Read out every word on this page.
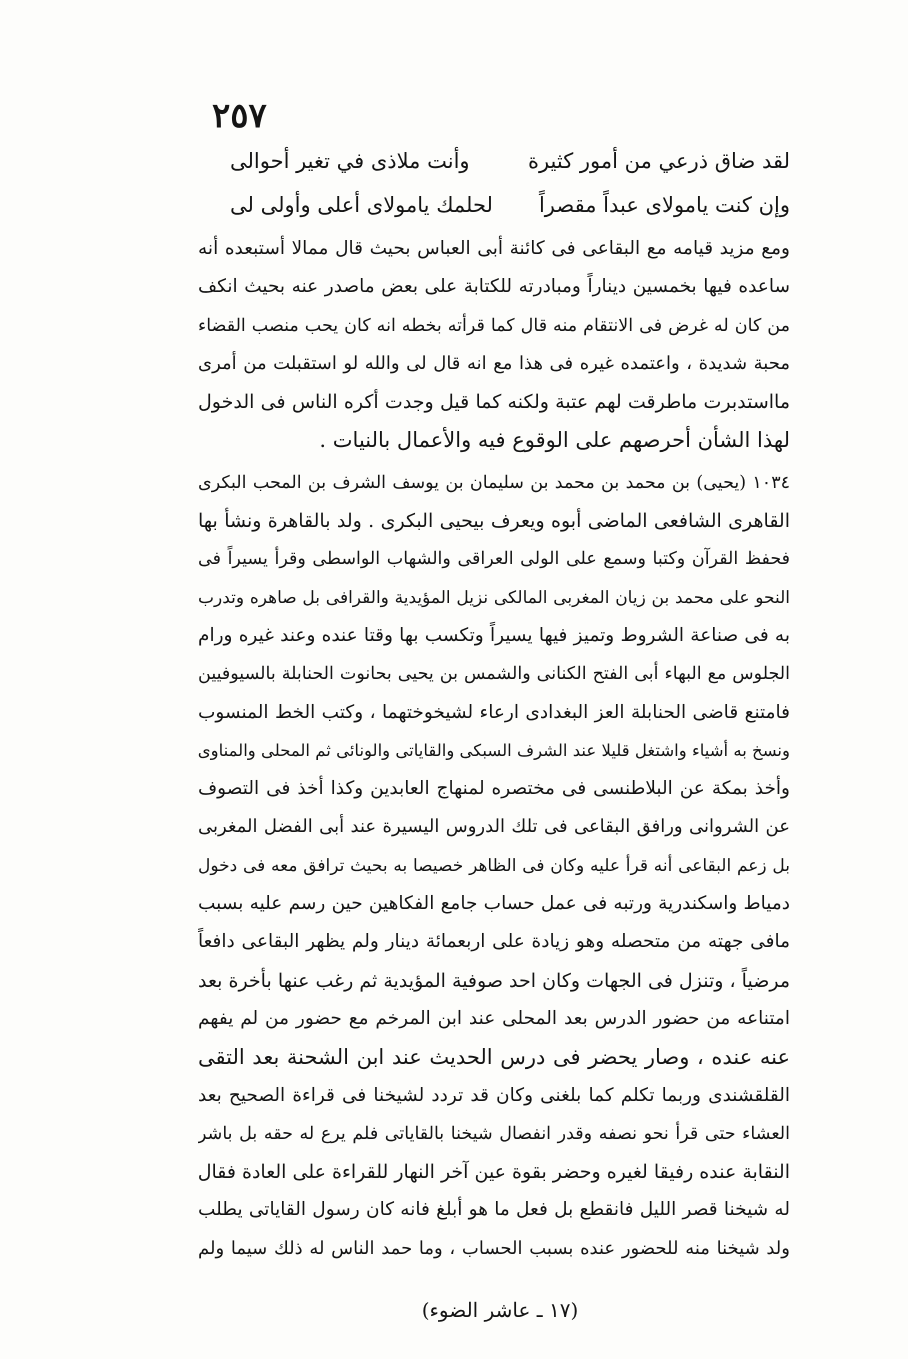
٢٥٧
لقد ضاق ذرعي من أمور كثيرة
وأنت ملاذى في تغير أحوالى
وإن كنت يامولاى عبداً مقصراً
لحلمك يامولاى أعلى وأولى لى
ومع مزيد قيامه مع البقاعى فى كائنة أبى العباس بحيث قال ممالا أستبعده أنه
ساعده فيها بخمسين ديناراً ومبادرته للكتابة على بعض ماصدر عنه بحيث انكف
من كان له غرض فى الانتقام منه قال كما قرأته بخطه انه كان يحب منصب القضاء
محبة شديدة ، واعتمده غيره فى هذا مع انه قال لى والله لو استقبلت من أمرى
مااستدبرت ماطرقت لهم عتبة ولكنه كما قيل وجدت أكره الناس فى الدخول
لهذا الشأن أحرصهم على الوقوع فيه والأعمال بالنيات .
١٠٣٤ (يحيى) بن محمد بن محمد بن سليمان بن يوسف الشرف بن المحب البكرى
القاهرى الشافعى الماضى أبوه ويعرف بيحيى البكرى . ولد بالقاهرة ونشأ بها
فحفظ القرآن وكتبا وسمع على الولى العراقى والشهاب الواسطى وقرأ يسيراً فى
النحو على محمد بن زيان المغربى المالكى نزيل المؤيدية والقرافى بل صاهره وتدرب
به فى صناعة الشروط وتميز فيها يسيراً وتكسب بها وقتا عنده وعند غيره ورام
الجلوس مع البهاء أبى الفتح الكنانى والشمس بن يحيى بحانوت الحنابلة بالسيوفيين
فامتنع قاضى الحنابلة العز البغدادى ارعاء لشيخوختهما ، وكتب الخط المنسوب
ونسخ به أشياء واشتغل قليلا عند الشرف السبكى والقاياتى والونائى ثم المحلى والمناوى
وأخذ بمكة عن البلاطنسى فى مختصره لمنهاج العابدين وكذا أخذ فى التصوف
عن الشروانى ورافق البقاعى فى تلك الدروس اليسيرة عند أبى الفضل المغربى
بل زعم البقاعى أنه قرأ عليه وكان فى الظاهر خصيصا به بحيث ترافق معه فى دخول
دمياط واسكندرية ورتبه فى عمل حساب جامع الفكاهين حين رسم عليه بسبب
مافى جهته من متحصله وهو زيادة على اربعمائة دينار ولم يظهر البقاعى دافعاً
مرضياً ، وتنزل فى الجهات وكان احد صوفية المؤيدية ثم رغب عنها بأخرة بعد
امتناعه من حضور الدرس بعد المحلى عند ابن المرخم مع حضور من لم يفهم
عنه عنده ، وصار يحضر فى درس الحديث عند ابن الشحنة بعد التقى
القلقشندى وربما تكلم كما بلغنى وكان قد تردد لشيخنا فى قراءة الصحيح بعد
العشاء حتى قرأ نحو نصفه وقدر انفصال شيخنا بالقاياتى فلم يرع له حقه بل باشر
النقابة عنده رفيقا لغيره وحضر بقوة عين آخر النهار للقراءة على العادة فقال
له شيخنا قصر الليل فانقطع بل فعل ما هو أبلغ فانه كان رسول القاياتى يطلب
ولد شيخنا منه للحضور عنده بسبب الحساب ، وما حمد الناس له ذلك سيما ولم
(١٧ ـ عاشر الضوء)
